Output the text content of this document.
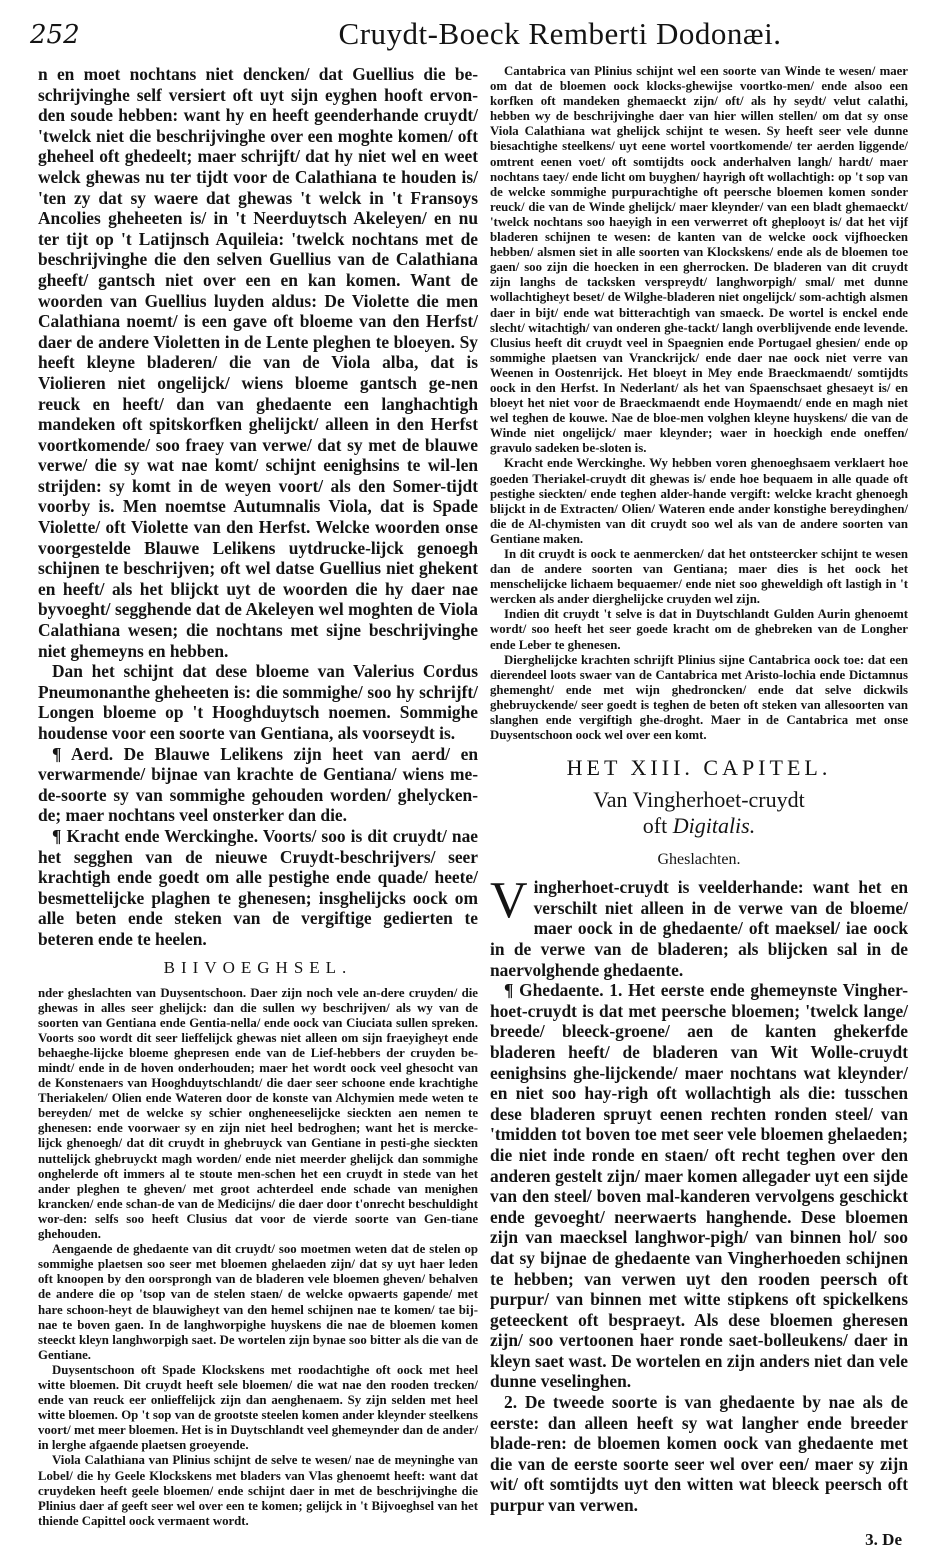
252	Cruydt-Boeck Remberti Dodonæi.

n en moet nochtans niet dencken/ dat Guellius die be-schrijvinghe self versiert oft uyt sijn eyghen hooft ervon-den soude hebben: want hy en heeft geenderhande cruydt/ 'twelck niet die beschrijvinghe over een moghte komen/ oft gheheel oft ghedeelt; maer schrijft/ dat hy niet wel en weet welck ghewas nu ter tijdt voor de Calathiana te houden is/ 'ten zy dat sy waere dat ghewas 't welck in 't Fransoys Ancolies gheheeten is/ in 't Neerduytsch Akeleyen/ en nu ter tijt op 't Latijnsch Aquileia: 'twelck nochtans met de beschrijvinghe die den selven Guellius van de Calathiana gheeft/ gantsch niet over een en kan komen. Want de woorden van Guellius luyden aldus: De Violette die men Calathiana noemt/ is een gave oft bloeme van den Herfst/ daer de andere Violetten in de Lente pleghen te bloeyen. Sy heeft kleyne bladeren/ die van de Viola alba, dat is Violieren niet ongelijck/ wiens bloeme gantsch ge-nen reuck en heeft/ dan van ghedaente een langhachtigh mandeken oft spitskorfken ghelijckt/ alleen in den Herfst voortkomende/ soo fraey van verwe/ dat sy met de blauwe verwe/ die sy wat nae komt/ schijnt eenighsins te wil-len strijden: sy komt in de weyen voort/ als den Somer-tijdt voorby is. Men noemtse Autumnalis Viola, dat is Spade Violette/ oft Violette van den Herfst. Welcke woorden onse voorgestelde Blauwe Lelikens uytdrucke-lijck genoegh schijnen te beschrijven; oft wel datse Guellius niet ghekent en heeft/ als het blijckt uyt de woorden die hy daer nae byvoeght/ segghende dat de Akeleyen wel moghten de Viola Calathiana wesen; die nochtans met sijne beschrijvinghe niet ghemeyns en hebben.

Dan het schijnt dat dese bloeme van Valerius Cordus Pneumonanthe gheheeten is: die sommighe/ soo hy schrijft/ Longen bloeme op 't Hooghduytsch noemen. Sommighe houdense voor een soorte van Gentiana, als voorseydt is.

¶ Aerd. De Blauwe Lelikens zijn heet van aerd/ en verwarmende/ bijnae van krachte de Gentiana/ wiens me-de-soorte sy van sommighe gehouden worden/ ghelycken-de; maer nochtans veel onsterker dan die.

¶ Kracht ende Werckinghe. Voorts/ soo is dit cruydt/ nae het segghen van de nieuwe Cruydt-beschrijvers/ seer krachtigh ende goedt om alle pestighe ende quade/ heete/ besmettelijcke plaghen te ghenesen; insghelijcks oock om alle beten ende steken van de vergiftige gedierten te beteren ende te heelen.

BIIVOEGHSEL.

nder gheslachten van Duysentschoon. Daer zijn noch vele an-dere cruyden/ die ghewas in alles seer ghelijck: dan die sullen wy beschrijven/ als wy van de soorten van Gentiana ende Gentia-nella/ ende oock van Ciuciata sullen spreken. Voorts soo wordt dit seer lieffelijck ghewas niet alleen om sijn fraeyigheyt ende behaeghe-lijcke bloeme ghepresen ende van de Lief-hebbers der cruyden be-mindt/ ende in de hoven onderhouden; maer het wordt oock veel ghesocht van de Konstenaers van Hooghduytschlandt/ die daer seer schoone ende krachtighe Theriakelen/ Olien ende Wateren door de konste van Alchymien mede weten te bereyden/ met de welcke sy schier ongheneeselijcke sieckten aen nemen te ghenesen: ende voorwaer sy en zijn niet heel bedroghen; want het is mercke-lijck ghenoegh/ dat dit cruydt in ghebruyck van Gentiane in pesti-ghe sieckten nuttelijck ghebruyckt magh worden/ ende niet meerder ghelijck dan sommighe onghelerde oft immers al te stoute men-schen het een cruydt in stede van het ander pleghen te gheven/ met groot achterdeel ende schade van menighen krancken/ ende schan-de van de Medicijns/ die daer door t'onrecht beschuldight wor-den: selfs soo heeft Clusius dat voor de vierde soorte van Gen-tiane ghehouden.

Aengaende de ghedaente van dit cruydt/ soo moetmen weten dat de stelen op sommighe plaetsen soo seer met bloemen ghelaeden zijn/ dat sy uyt haer leden oft knoopen by den oorsprongh van de bladeren vele bloemen gheven/ behalven de andere die op 'tsop van de stelen staen/ de welcke opwaerts gapende/ met hare schoon-heyt de blauwigheyt van den hemel schijnen nae te komen/ tae bij-nae te boven gaen. In de langhworpighe huyskens die nae de bloemen komen steeckt kleyn langhworpigh saet. De wortelen zijn bynae soo bitter als die van de Gentiane.

Duysentschoon oft Spade Klockskens met roodachtighe oft oock met heel witte bloemen. Dit cruydt heeft sele bloemen/ die wat nae den rooden trecken/ ende van reuck eer onlieffelijck zijn dan aenghenaem. Sy zijn selden met heel witte bloemen. Op 't sop van de grootste steelen komen ander kleynder steelkens voort/ met meer bloemen. Het is in Duytschlandt veel ghemeynder dan de ander/ in lerghe afgaende plaetsen groeyende.

Viola Calathiana van Plinius schijnt de selve te wesen/ nae de meyninghe van Lobel/ die hy Geele Klockskens met bladers van Vlas ghenoemt heeft: want dat cruydeken heeft geele bloemen/ ende schijnt daer in met de beschrijvinghe die Plinius daer af geeft seer wel over een te komen; gelijck in 't Bijvoeghsel van het thiende Capittel oock vermaent wordt.

Cantabrica van Plinius schijnt wel een soorte van Winde te wesen/ maer om dat de bloemen oock klocks-ghewijse voortko-men/ ende alsoo een korfken oft mandeken ghemaeckt zijn/ oft/ als hy seydt/ velut calathi, hebben wy de beschrijvinghe daer van hier willen stellen/ om dat sy onse Viola Calathiana wat ghelijck schijnt te wesen. Sy heeft seer vele dunne biesachtighe steelkens/ uyt eene wortel voortkomende/ ter aerden liggende/ omtrent eenen voet/ oft somtijdts oock anderhalven langh/ hardt/ maer nochtans taey/ ende licht om buyghen/ hayrigh oft wollachtigh: op 't sop van de welcke sommighe purpurachtighe oft peersche bloemen komen sonder reuck/ die van de Winde ghelijck/ maer kleynder/ van een bladt ghemaeckt/ 'twelck nochtans soo haeyigh in een verwerret oft gheplooyt is/ dat het vijf bladeren schijnen te wesen: de kanten van de welcke oock vijfhoecken hebben/ alsmen siet in alle soorten van Klockskens/ ende als de bloemen toe gaen/ soo zijn die hoecken in een gherrocken. De bladeren van dit cruydt zijn langhs de tacksken verspreydt/ langhworpigh/ smal/ met dunne wollachtigheyt beset/ de Wilghe-bladeren niet ongelijck/ som-achtigh alsmen daer in bijt/ ende wat bitterachtigh van smaeck. De wortel is enckel ende slecht/ witachtigh/ van onderen ghe-tackt/ langh overblijvende ende levende. Clusius heeft dit cruydt veel in Spaegnien ende Portugael ghesien/ ende op sommighe plaetsen van Vranckrijck/ ende daer nae oock niet verre van Weenen in Oostenrijck. Het bloeyt in Mey ende Braeckmaendt/ somtijdts oock in den Herfst. In Nederlant/ als het van Spaenschsaet ghesaeyt is/ en bloeyt het niet voor de Braeckmaendt ende Hoymaendt/ ende en magh niet wel teghen de kouwe. Nae de bloe-men volghen kleyne huyskens/ die van de Winde niet ongelijck/ maer kleynder; waer in hoeckigh ende oneffen/ gravulo sadeken be-sloten is.

Kracht ende Werckinghe. Wy hebben voren ghenoeghsaem verklaert hoe goeden Theriakel-cruydt dit ghewas is/ ende hoe bequaem in alle quade oft pestighe sieckten/ ende teghen alder-hande vergift: welcke kracht ghenoegh blijckt in de Extracten/ Olien/ Wateren ende ander konstighe bereydinghen/ die de Al-chymisten van dit cruydt soo wel als van de andere soorten van Gentiane maken.

In dit cruydt is oock te aenmercken/ dat het ontsteercker schijnt te wesen dan de andere soorten van Gentiana; maer dies is het oock het menschelijcke lichaem bequaemer/ ende niet soo gheweldigh oft lastigh in 't wercken als ander dierghelijcke cruyden wel zijn.

Indien dit cruydt 't selve is dat in Duytschlandt Gulden Aurin ghenoemt wordt/ soo heeft het seer goede kracht om de ghebreken van de Longher ende Leber te ghenesen.

Dierghelijcke krachten schrijft Plinius sijne Cantabrica oock toe: dat een dierendeel loots swaer van de Cantabrica met Aristo-lochia ende Dictamnus ghemenght/ ende met wijn ghedroncken/ ende dat selve dickwils ghebruyckende/ seer goedt is teghen de beten oft steken van allesoorten van slanghen ende vergiftigh ghe-droght. Maer in de Cantabrica met onse Duysentschoon oock wel over een komt.

HET XIII. CAPITEL.
Van Vingherhoet-cruydt
oft Digitalis.
Gheslachten.

Vingherhoet-cruydt is veelderhande: want het en verschilt niet alleen in de verwe van de bloeme/ maer oock in de ghedaente/ oft maeksel/ iae oock in de verwe van de bladeren; als blijcken sal in de naervolghende ghedaente.

¶ Ghedaente. 1. Het eerste ende ghemeynste Vingher-hoet-cruydt is dat met peersche bloemen; 'twelck lange/ breede/ bleeck-groene/ aen de kanten ghekerfde bladeren heeft/ de bladeren van Wit Wolle-cruydt eenighsins ghe-lijckende/ maer nochtans wat kleynder/ en niet soo hay-righ oft wollachtigh als die: tusschen dese bladeren spruyt eenen rechten ronden steel/ van 'tmidden tot boven toe met seer vele bloemen ghelaeden; die niet inde ronde en staen/ oft recht teghen over den anderen gestelt zijn/ maer komen allegader uyt een sijde van den steel/ boven mal-kanderen vervolgens geschickt ende gevoeght/ neerwaerts hanghende. Dese bloemen zijn van maecksel langhwor-pigh/ van binnen hol/ soo dat sy bijnae de ghedaente van Vingherhoeden schijnen te hebben; van verwen uyt den rooden peersch oft purpur/ van binnen met witte stipkens oft spickelkens geteeckent oft bespraeyt. Als dese bloemen gheresen zijn/ soo vertoonen haer ronde saet-bolleukens/ daer in kleyn saet wast. De wortelen en zijn anders niet dan vele dunne veselinghen.

2. De tweede soorte is van ghedaente by nae als de eerste: dan alleen heeft sy wat langher ende breeder blade-ren: de bloemen komen oock van ghedaente met die van de eerste soorte seer wel over een/ maer sy zijn wit/ oft somtijdts uyt den witten wat bleeck peersch oft purpur van verwen.

3. De
